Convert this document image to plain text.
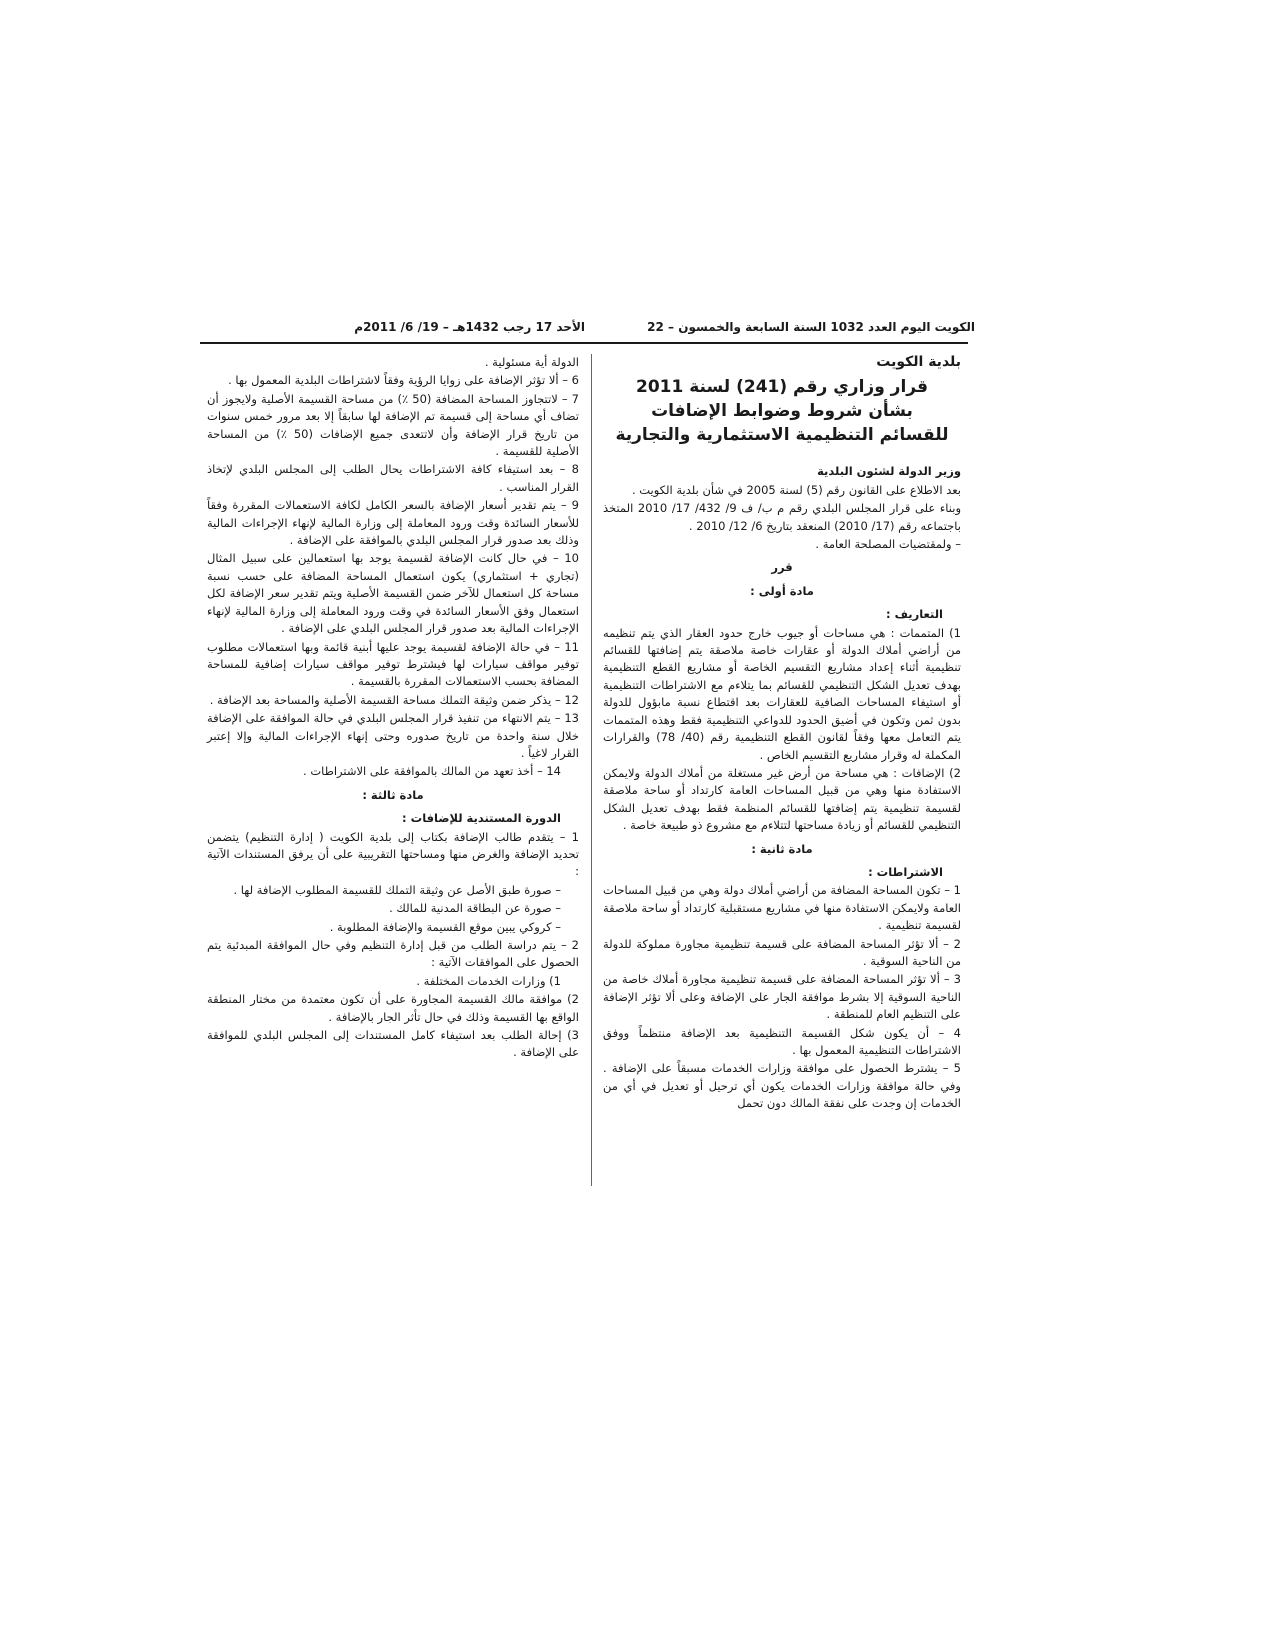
الكويت اليوم العدد 1032 السنة السابعة والخمسون – 22
الأحد 17 رجب 1432هـ – 19/ 6/ 2011م

بلدية الكويت

قرار وزاري رقم (241) لسنة 2011
بشأن شروط وضوابط الإضافات
للقسائم التنظيمية الاستثمارية والتجارية

وزير الدولة لشئون البلدية

بعد الاطلاع على القانون رقم (5) لسنة 2005 في شأن بلدية الكويت .

وبناء على قرار المجلس البلدي رقم م ب/ ف 9/ 432/ 17/ 2010 المتخذ باجتماعه رقم (17/ 2010) المنعقد بتاريخ 6/ 12/ 2010 .

– ولمقتضيات المصلحة العامة .

قرر

مادة أولى :

التعاريف :

1) المتممات : هي مساحات أو جيوب خارج حدود العقار الذي يتم تنظيمه من أراضي أملاك الدولة أو عقارات خاصة ملاصقة يتم إضافتها للقسائم تنظيمية أثناء إعداد مشاريع التقسيم الخاصة أو مشاريع القطع التنظيمية بهدف تعديل الشكل التنظيمي للقسائم بما يتلاءم مع الاشتراطات التنظيمية أو استيفاء المساحات الصافية للعقارات بعد اقتطاع نسبة مابؤول للدولة بدون ثمن وتكون في أضيق الحدود للدواعي التنظيمية فقط وهذه المتممات يتم التعامل معها وفقاً لقانون القطع التنظيمية رقم (40/ 78) والقرارات المكملة له وقرار مشاريع التقسيم الخاص .

2) الإضافات : هي مساحة من أرض غير مستغلة من أملاك الدولة ولايمكن الاستفادة منها وهي من قبيل المساحات العامة كارتداد أو ساحة ملاصقة لقسيمة تنظيمية يتم إضافتها للقسائم المنظمة فقط بهدف تعديل الشكل التنظيمي للقسائم أو زيادة مساحتها لتتلاءم مع مشروع ذو طبيعة خاصة .

مادة ثانية :

الاشتراطات :

1 – تكون المساحة المضافة من أراضي أملاك دولة وهي من قبيل المساحات العامة ولايمكن الاستفادة منها في مشاريع مستقبلية كارتداد أو ساحة ملاصقة لقسيمة تنظيمية .

2 – ألا تؤثر المساحة المضافة على قسيمة تنظيمية مجاورة مملوكة للدولة من الناحية السوقية .

3 – ألا تؤثر المساحة المضافة على قسيمة تنظيمية مجاورة أملاك خاصة من الناحية السوقية إلا بشرط موافقة الجار على الإضافة وعلى ألا تؤثر الإضافة على التنظيم العام للمنطقة .

4 – أن يكون شكل القسيمة التنظيمية بعد الإضافة منتظماً ووفق الاشتراطات التنظيمية المعمول بها .

5 – يشترط الحصول على موافقة وزارات الخدمات مسبقاً على الإضافة . وفي حالة موافقة وزارات الخدمات يكون أي ترحيل أو تعديل في أي من الخدمات إن وجدت على نفقة المالك دون تحمل

الدولة أية مسئولية .

6 – ألا تؤثر الإضافة على زوايا الرؤية وفقاً لاشتراطات البلدية المعمول بها .

7 – لاتتجاوز المساحة المضافة (50 ٪) من مساحة القسيمة الأصلية ولايجوز أن تضاف أي مساحة إلى قسيمة تم الإضافة لها سابقاً إلا بعد مرور خمس سنوات من تاريخ قرار الإضافة وأن لاتتعدى جميع الإضافات (50 ٪) من المساحة الأصلية للقسيمة .

8 – بعد استيفاء كافة الاشتراطات يحال الطلب إلى المجلس البلدي لإتخاذ القرار المناسب .

9 – يتم تقدير أسعار الإضافة بالسعر الكامل لكافة الاستعمالات المقررة وفقاً للأسعار السائدة وقت ورود المعاملة إلى وزارة المالية لإنهاء الإجراءات المالية وذلك بعد صدور قرار المجلس البلدي بالموافقة على الإضافة .

10 – في حال كانت الإضافة لقسيمة يوجد بها استعمالين على سبيل المثال (تجاري + استثماري) يكون استعمال المساحة المضافة على حسب نسبة مساحة كل استعمال للآخر ضمن القسيمة الأصلية ويتم تقدير سعر الإضافة لكل استعمال وفق الأسعار السائدة في وقت ورود المعاملة إلى وزارة المالية لإنهاء الإجراءات المالية بعد صدور قرار المجلس البلدي على الإضافة .

11 – في حالة الإضافة لقسيمة يوجد عليها أبنية قائمة وبها استعمالات مطلوب توفير مواقف سيارات لها فيشترط توفير مواقف سيارات إضافية للمساحة المضافة بحسب الاستعمالات المقررة بالقسيمة .

12 – يذكر ضمن وثيقة التملك مساحة القسيمة الأصلية والمساحة بعد الإضافة .

13 – يتم الانتهاء من تنفيذ قرار المجلس البلدي في حالة الموافقة على الإضافة خلال سنة واحدة من تاريخ صدوره وحتى إنهاء الإجراءات المالية وإلا إعتبر القرار لاغياً .

14 – أخذ تعهد من المالك بالموافقة على الاشتراطات .

مادة ثالثة :

الدورة المستندية للإضافات :

1 – يتقدم طالب الإضافة بكتاب إلى بلدية الكويت ( إدارة التنظيم) يتضمن تحديد الإضافة والغرض منها ومساحتها التقريبية على أن يرفق المستندات الآتية :

– صورة طبق الأصل عن وثيقة التملك للقسيمة المطلوب الإضافة لها .

– صورة عن البطاقة المدنية للمالك .

– كروكي يبين موقع القسيمة والإضافة المطلوبة .

2 – يتم دراسة الطلب من قبل إدارة التنظيم وفي حال الموافقة المبدئية يتم الحصول على الموافقات الآتية :

1) وزارات الخدمات المختلفة .

2) موافقة مالك القسيمة المجاورة على أن تكون معتمدة من مختار المنطقة الواقع بها القسيمة وذلك في حال تأثر الجار بالإضافة .

3) إحالة الطلب بعد استيفاء كامل المستندات إلى المجلس البلدي للموافقة على الإضافة .
